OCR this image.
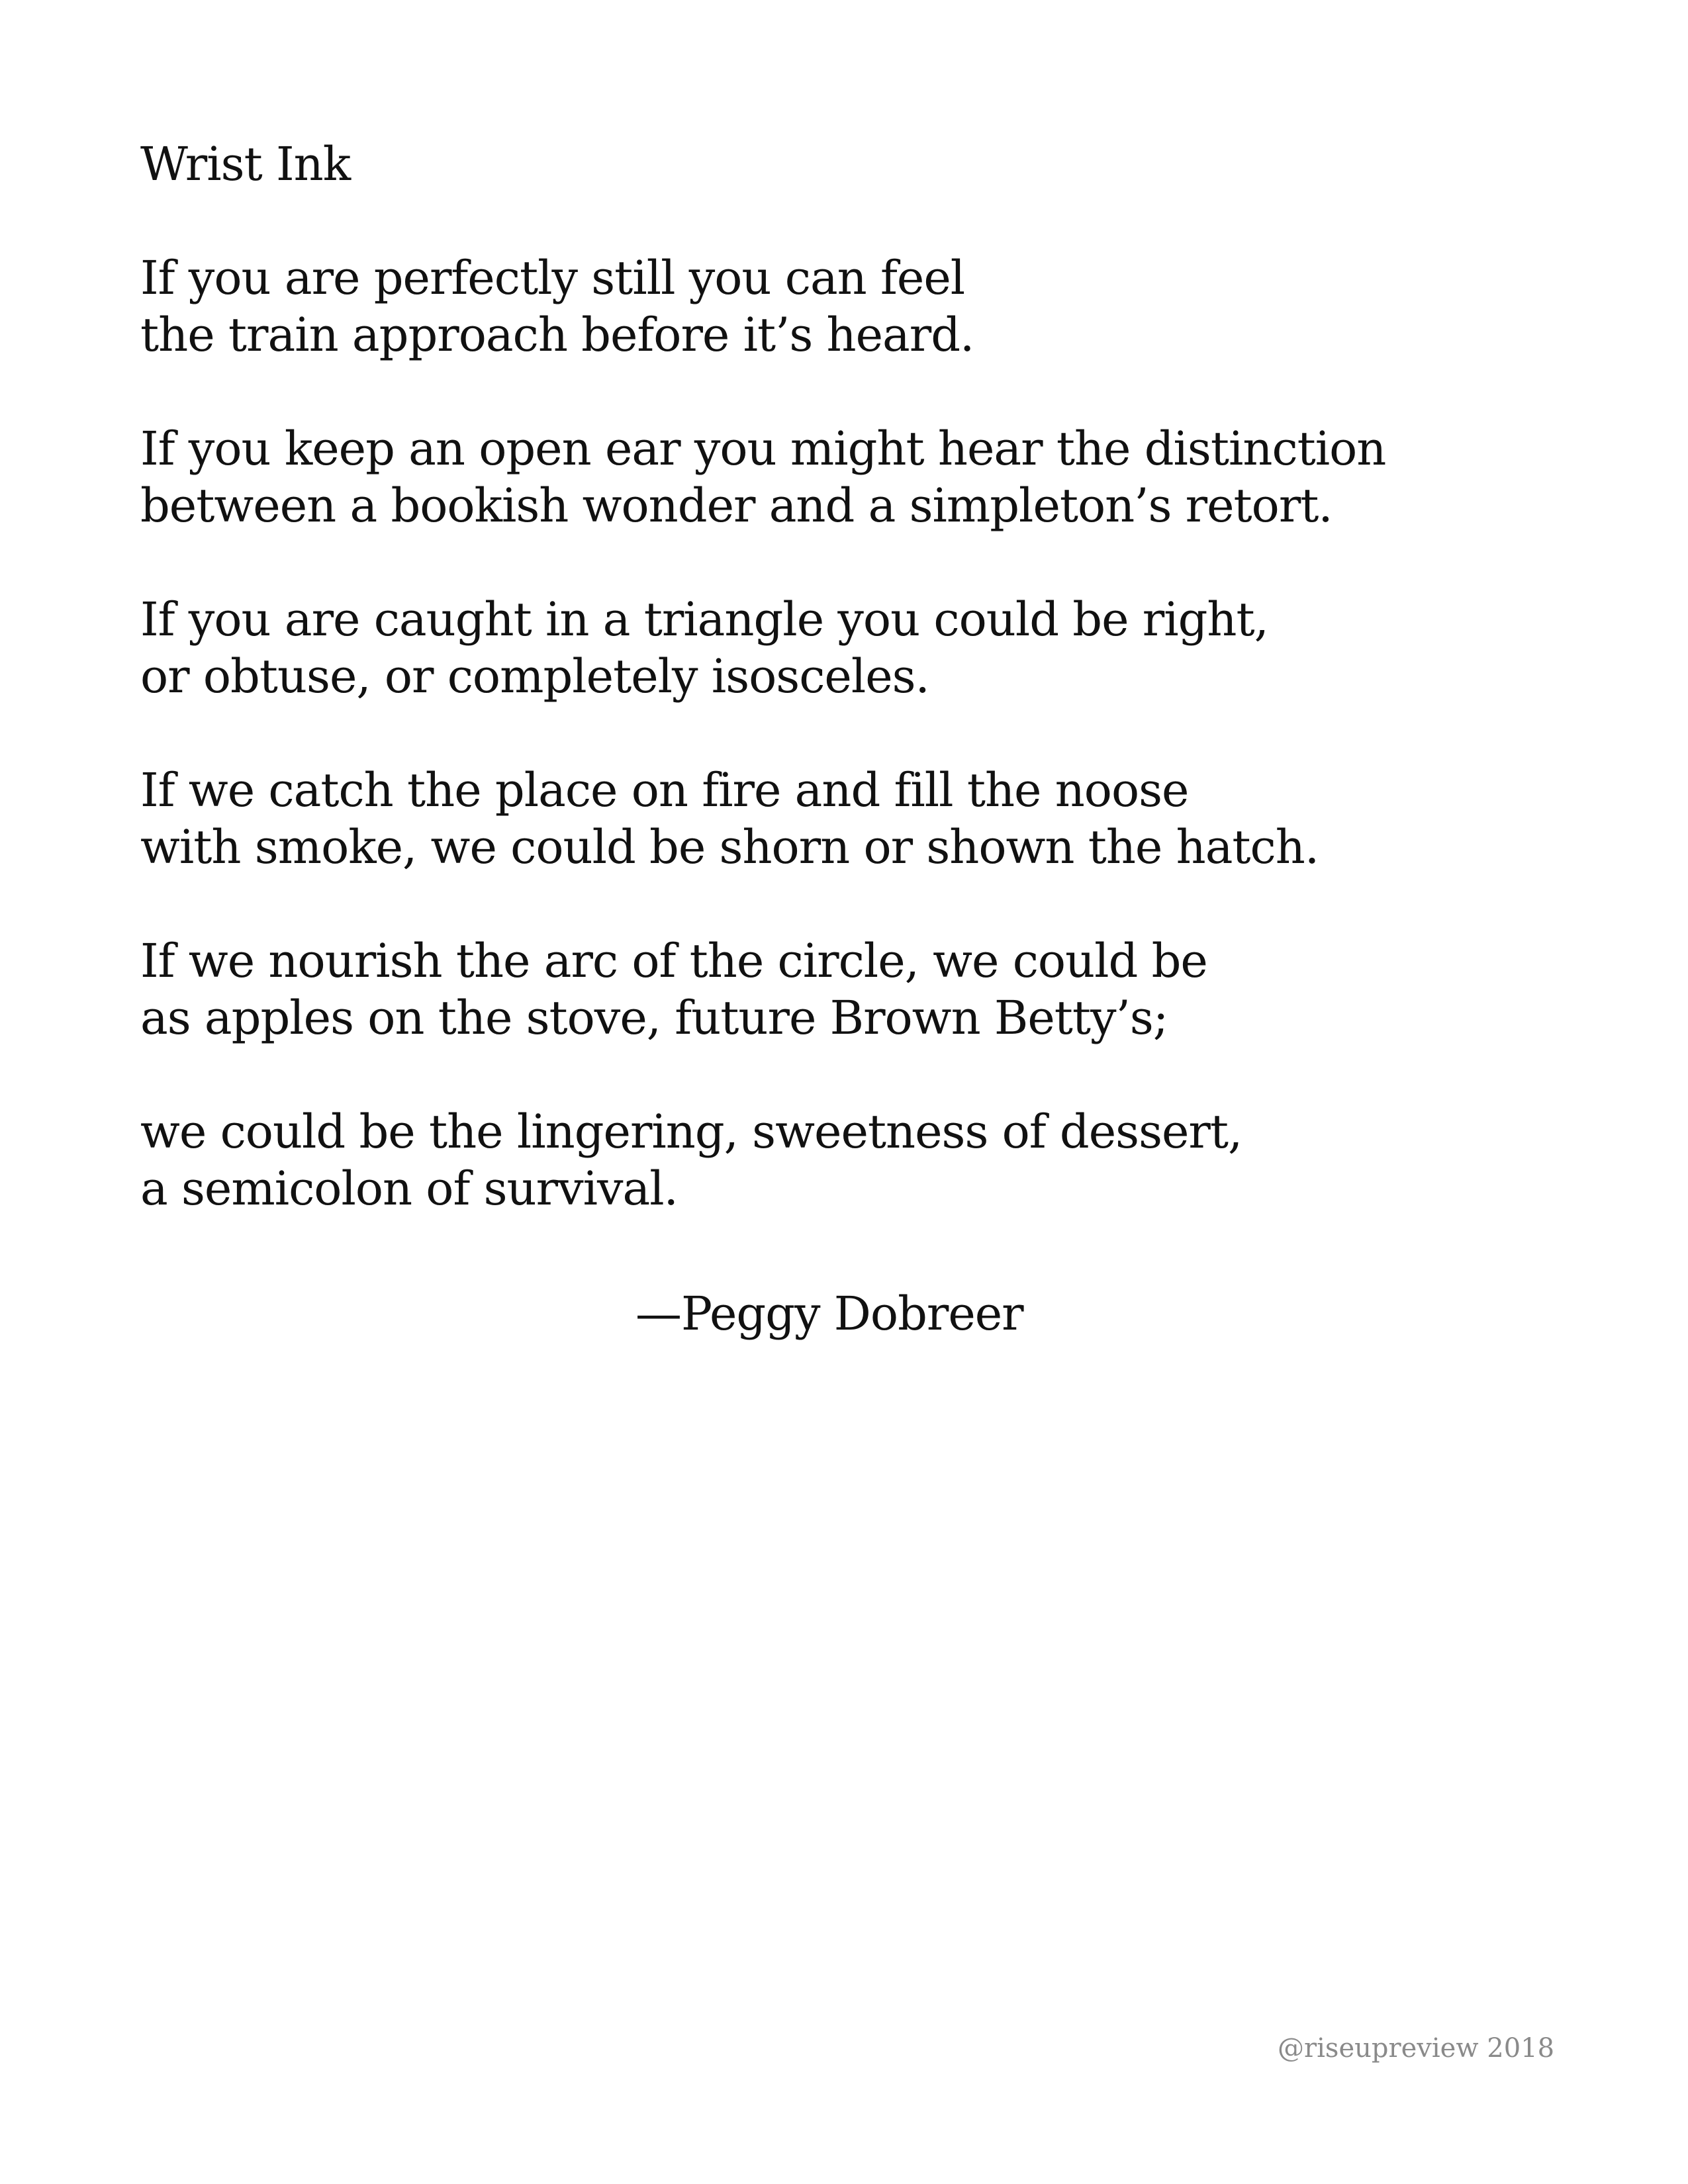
Wrist Ink
If you are perfectly still you can feel
the train approach before it’s heard.
If you keep an open ear you might hear the distinction
between a bookish wonder and a simpleton’s retort.
If you are caught in a triangle you could be right,
or obtuse, or completely isosceles.
If we catch the place on fire and fill the noose
with smoke, we could be shorn or shown the hatch.
If we nourish the arc of the circle, we could be
as apples on the stove, future Brown Betty’s;
we could be the lingering, sweetness of dessert,
a semicolon of survival.
—Peggy Dobreer
@riseupreview 2018
